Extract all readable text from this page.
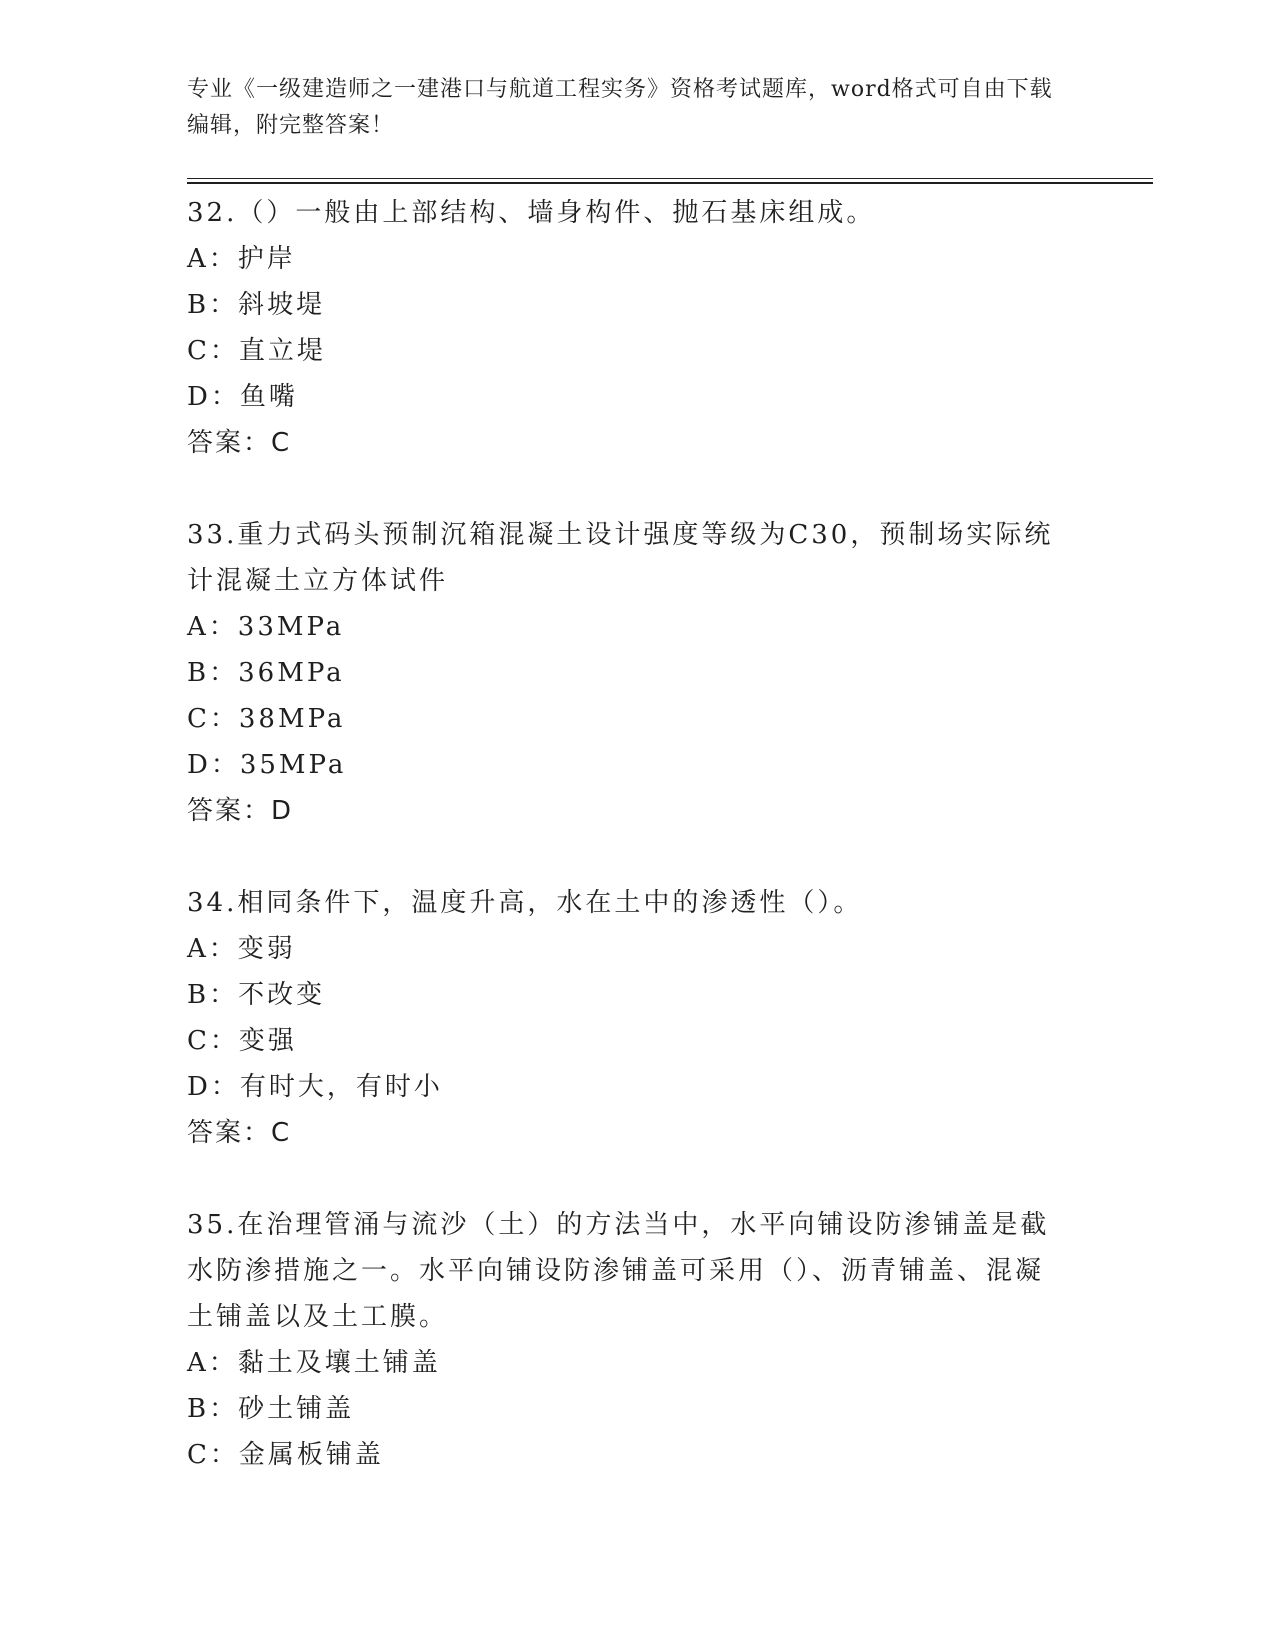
专业《一级建造师之一建港口与航道工程实务》资格考试题库，word格式可自由下载编辑，附完整答案！
32.（）一般由上部结构、墙身构件、抛石基床组成。
A：护岸
B：斜坡堤
C：直立堤
D：鱼嘴
答案：C
33.重力式码头预制沉箱混凝土设计强度等级为C30，预制场实际统计混凝土立方体试件
A：33MPa
B：36MPa
C：38MPa
D：35MPa
答案：D
34.相同条件下，温度升高，水在土中的渗透性（）。
A：变弱
B：不改变
C：变强
D：有时大，有时小
答案：C
35.在治理管涌与流沙（土）的方法当中，水平向铺设防渗铺盖是截水防渗措施之一。水平向铺设防渗铺盖可采用（）、沥青铺盖、混凝土铺盖以及土工膜。
A：黏土及壤土铺盖
B：砂土铺盖
C：金属板铺盖
